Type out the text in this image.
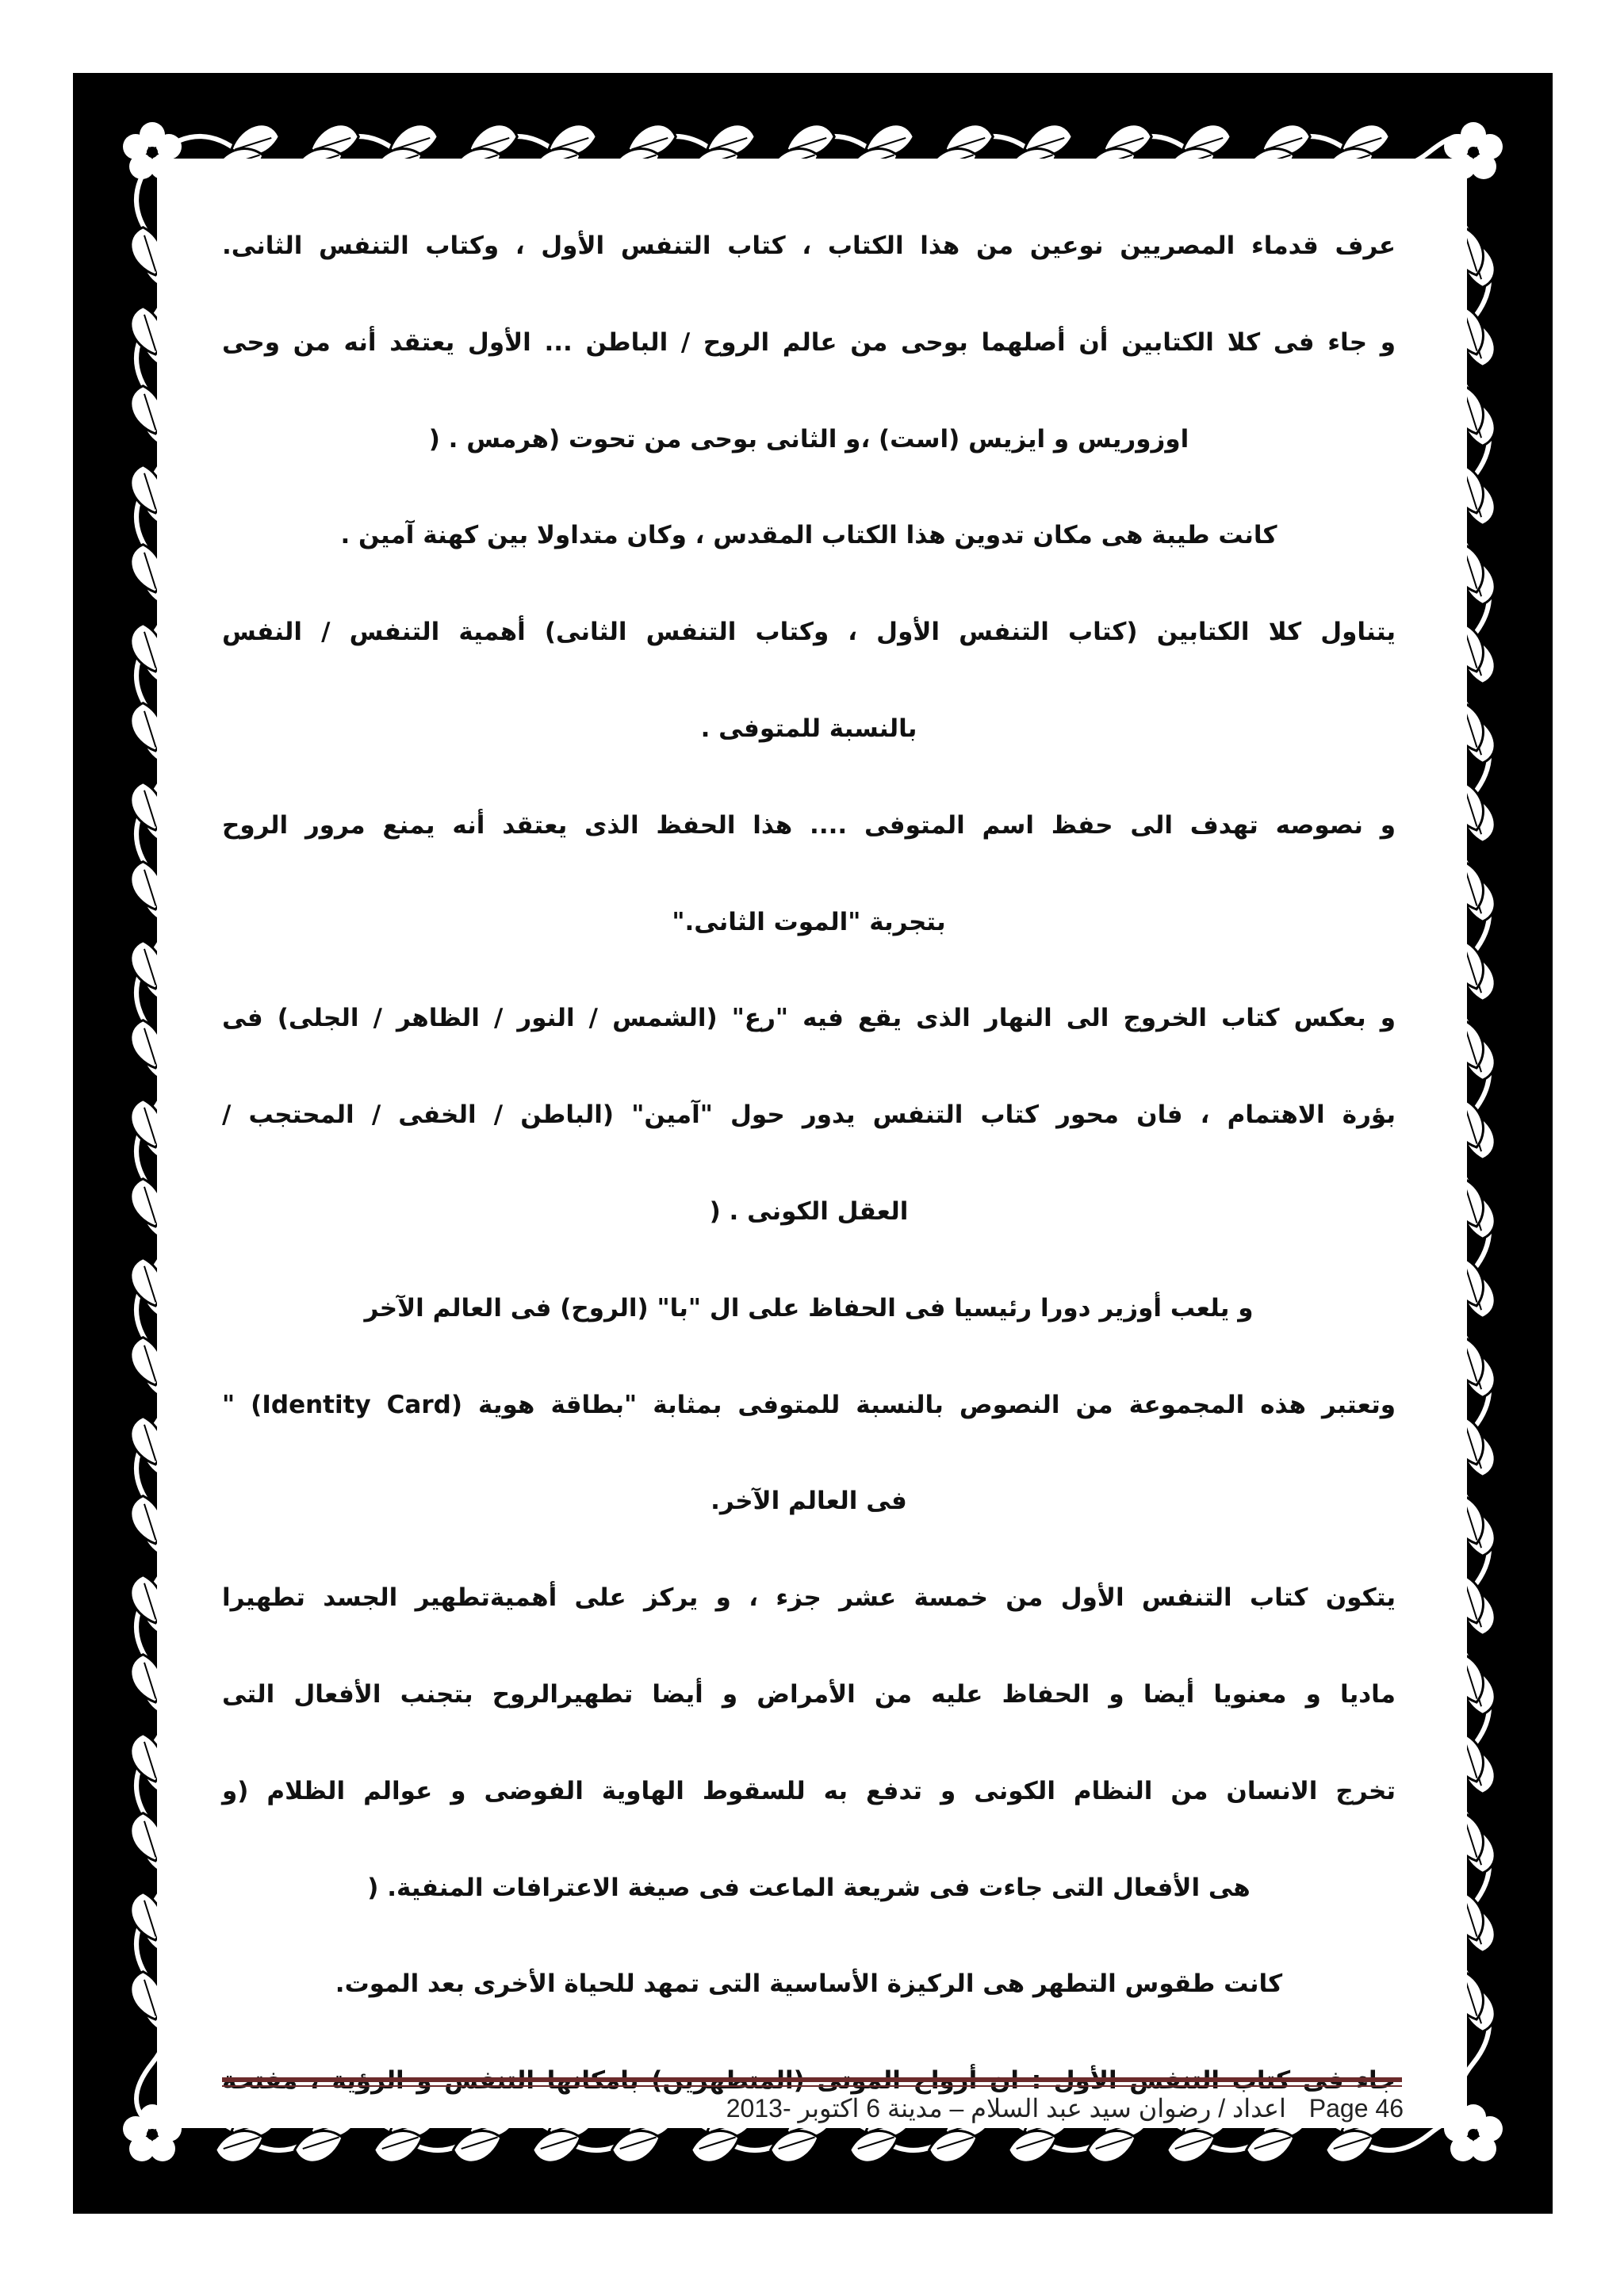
عرف قدماء المصريين نوعين من هذا الكتاب ، كتاب التنفس الأول ، وكتاب التنفس الثانى.

و جاء فى كلا الكتابين أن أصلهما بوحى من عالم الروح / الباطن ... الأول يعتقد أنه من وحى

اوزوريس و ايزيس (است) ،و الثانى بوحى من تحوت (هرمس . (

كانت طيبة هى مكان تدوين هذا الكتاب المقدس ، وكان متداولا بين كهنة آمين .

يتناول كلا الكتابين (كتاب التنفس الأول ، وكتاب التنفس الثانى) أهمية التنفس / النفس

بالنسبة للمتوفى .

و نصوصه تهدف الى حفظ اسم المتوفى .... هذا الحفظ الذى يعتقد أنه يمنع مرور الروح

بتجربة "الموت الثانى."

و بعكس كتاب الخروج الى النهار الذى يقع فيه "رع" (الشمس / النور / الظاهر / الجلى) فى

بؤرة الاهتمام ، فان محور كتاب التنفس يدور حول "آمين" (الباطن / الخفى / المحتجب /

العقل الكونى . (

و يلعب أوزير دورا رئيسيا فى الحفاظ على ال "با" (الروح) فى العالم الآخر

وتعتبر هذه المجموعة من النصوص بالنسبة للمتوفى بمثابة "بطاقة هوية (Identity Card) "

فى العالم الآخر.

يتكون كتاب التنفس الأول من خمسة عشر جزء ، و يركز على أهميةتطهير الجسد تطهيرا

ماديا و معنويا أيضا و الحفاظ عليه من الأمراض و أيضا تطهيرالروح بتجنب الأفعال التى

تخرج الانسان من النظام الكونى و تدفع به للسقوط الهاوية الفوضى و عوالم الظلام (و

هى الأفعال التى جاءت فى شريعة الماعت فى صيغة الاعترافات المنفية. (

كانت طقوس التطهر هى الركيزة الأساسية التى تمهد للحياة الأخرى بعد الموت.

Page 46 اعداد / رضوان سيد عبد السلام – مدينة 6 اكتوبر -2013
